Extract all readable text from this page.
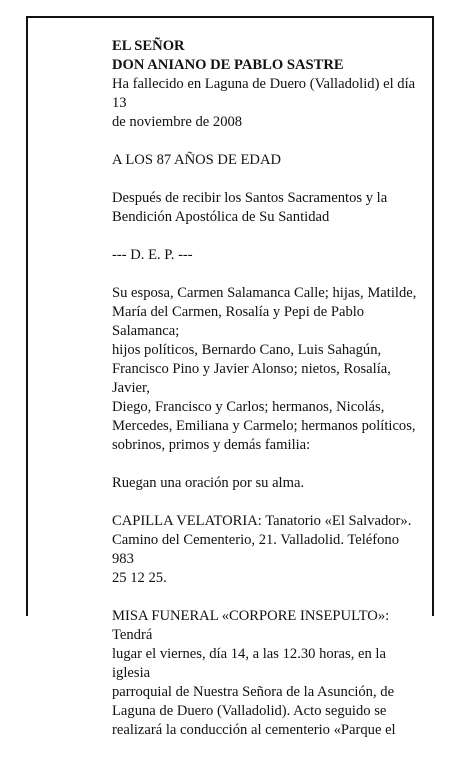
EL SEÑOR
DON ANIANO DE PABLO SASTRE
Ha fallecido en Laguna de Duero (Valladolid) el día 13
de noviembre de 2008

A LOS 87 AÑOS DE EDAD

Después de recibir los Santos Sacramentos y la
Bendición Apostólica de Su Santidad

--- D. E. P. ---

Su esposa, Carmen Salamanca Calle; hijas, Matilde,
María del Carmen, Rosalía y Pepi de Pablo Salamanca;
hijos políticos, Bernardo Cano, Luis Sahagún,
Francisco Pino y Javier Alonso; nietos, Rosalía, Javier,
Diego, Francisco y Carlos; hermanos, Nicolás,
Mercedes, Emiliana y Carmelo; hermanos políticos,
sobrinos, primos y demás familia:

Ruegan una oración por su alma.

CAPILLA VELATORIA: Tanatorio «El Salvador».
Camino del Cementerio, 21. Valladolid. Teléfono 983
25 12 25.

MISA FUNERAL «CORPORE INSEPULTO»: Tendrá
lugar el viernes, día 14, a las 12.30 horas, en la iglesia
parroquial de Nuestra Señora de la Asunción, de
Laguna de Duero (Valladolid). Acto seguido se
realizará la conducción al cementerio «Parque el
